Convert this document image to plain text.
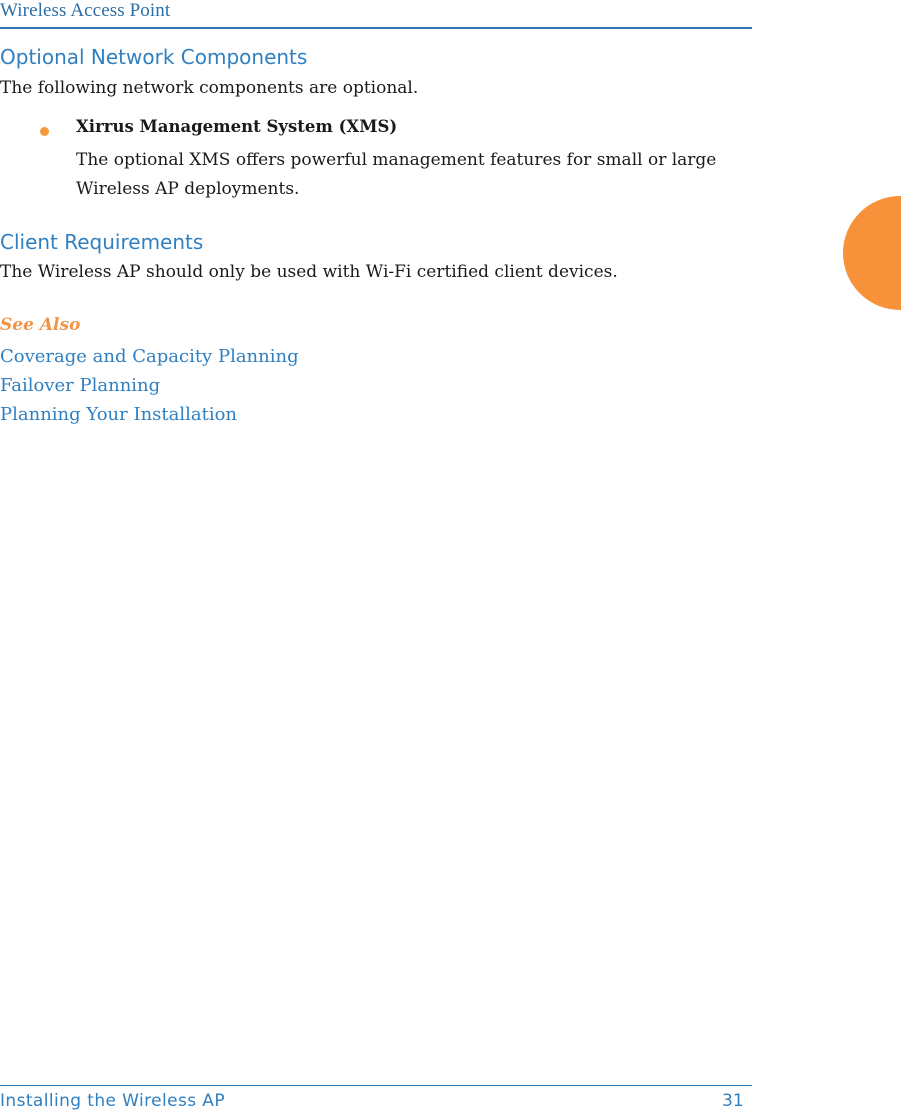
Wireless Access Point
Optional Network Components

The following network components are optional.

Xirrus Management System (XMS)

The optional XMS offers powerful management features for small or large Wireless AP deployments.

Client Requirements

The Wireless AP should only be used with Wi-Fi certified client devices.

See Also
Coverage and Capacity Planning
Failover Planning
Planning Your Installation
Installing the Wireless AP	31
